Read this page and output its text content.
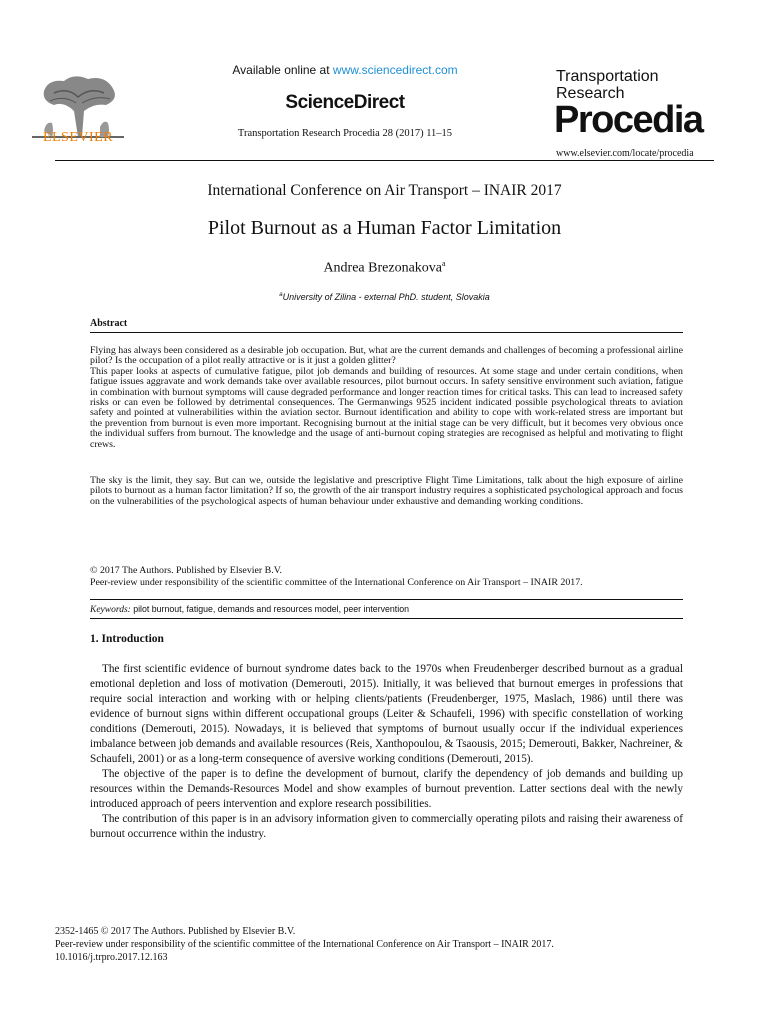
ELSEVIER
Available online at www.sciencedirect.com
ScienceDirect
Transportation Research Procedia 28 (2017) 11–15
Transportation
Research
Procedia
www.elsevier.com/locate/procedia
International Conference on Air Transport – INAIR 2017
Pilot Burnout as a Human Factor Limitation
Andrea Brezonakova$^a$
$^a$University of Zilina - external PhD. student, Slovakia
Abstract

Flying has always been considered as a desirable job occupation. But, what are the current demands and challenges of becoming a professional airline pilot? Is the occupation of a pilot really attractive or is it just a golden glitter?

This paper looks at aspects of cumulative fatigue, pilot job demands and building of resources. At some stage and under certain conditions, when fatigue issues aggravate and work demands take over available resources, pilot burnout occurs. In safety sensitive environment such aviation, fatigue in combination with burnout symptoms will cause degraded performance and longer reaction times for critical tasks. This can lead to increased safety risks or can even be followed by detrimental consequences. The Germanwings 9525 incident indicated possible psychological threats to aviation safety and pointed at vulnerabilities within the aviation sector. Burnout identification and ability to cope with work-related stress are important but the prevention from burnout is even more important. Recognising burnout at the initial stage can be very difficult, but it becomes very obvious once the individual suffers from burnout. The knowledge and the usage of anti-burnout coping strategies are recognised as helpful and motivating to flight crews.

The sky is the limit, they say. But can we, outside the legislative and prescriptive Flight Time Limitations, talk about the high exposure of airline pilots to burnout as a human factor limitation? If so, the growth of the air transport industry requires a sophisticated psychological approach and focus on the vulnerabilities of the psychological aspects of human behaviour under exhaustive and demanding working conditions.

© 2017 The Authors. Published by Elsevier B.V.

Peer-review under responsibility of the scientific committee of the International Conference on Air Transport – INAIR 2017.

Keywords: pilot burnout, fatigue, demands and resources model, peer intervention
1. Introduction

The first scientific evidence of burnout syndrome dates back to the 1970s when Freudenberger described burnout as a gradual emotional depletion and loss of motivation (Demerouti, 2015). Initially, it was believed that burnout emerges in professions that require social interaction and working with or helping clients/patients (Freudenberger, 1975, Maslach, 1986) until there was evidence of burnout signs within different occupational groups (Leiter & Schaufeli, 1996) with specific constellation of working conditions (Demerouti, 2015). Nowadays, it is believed that symptoms of burnout usually occur if the individual experiences imbalance between job demands and available resources (Reis, Xanthopoulou, & Tsaousis, 2015; Demerouti, Bakker, Nachreiner, & Schaufeli, 2001) or as a long-term consequence of aversive working conditions (Demerouti, 2015).

The objective of the paper is to define the development of burnout, clarify the dependency of job demands and building up resources within the Demands-Resources Model and show examples of burnout prevention. Latter sections deal with the newly introduced approach of peers intervention and explore research possibilities.

The contribution of this paper is in an advisory information given to commercially operating pilots and raising their awareness of burnout occurrence within the industry.

2352-1465 © 2017 The Authors. Published by Elsevier B.V.

Peer-review under responsibility of the scientific committee of the International Conference on Air Transport – INAIR 2017.

10.1016/j.trpro.2017.12.163
